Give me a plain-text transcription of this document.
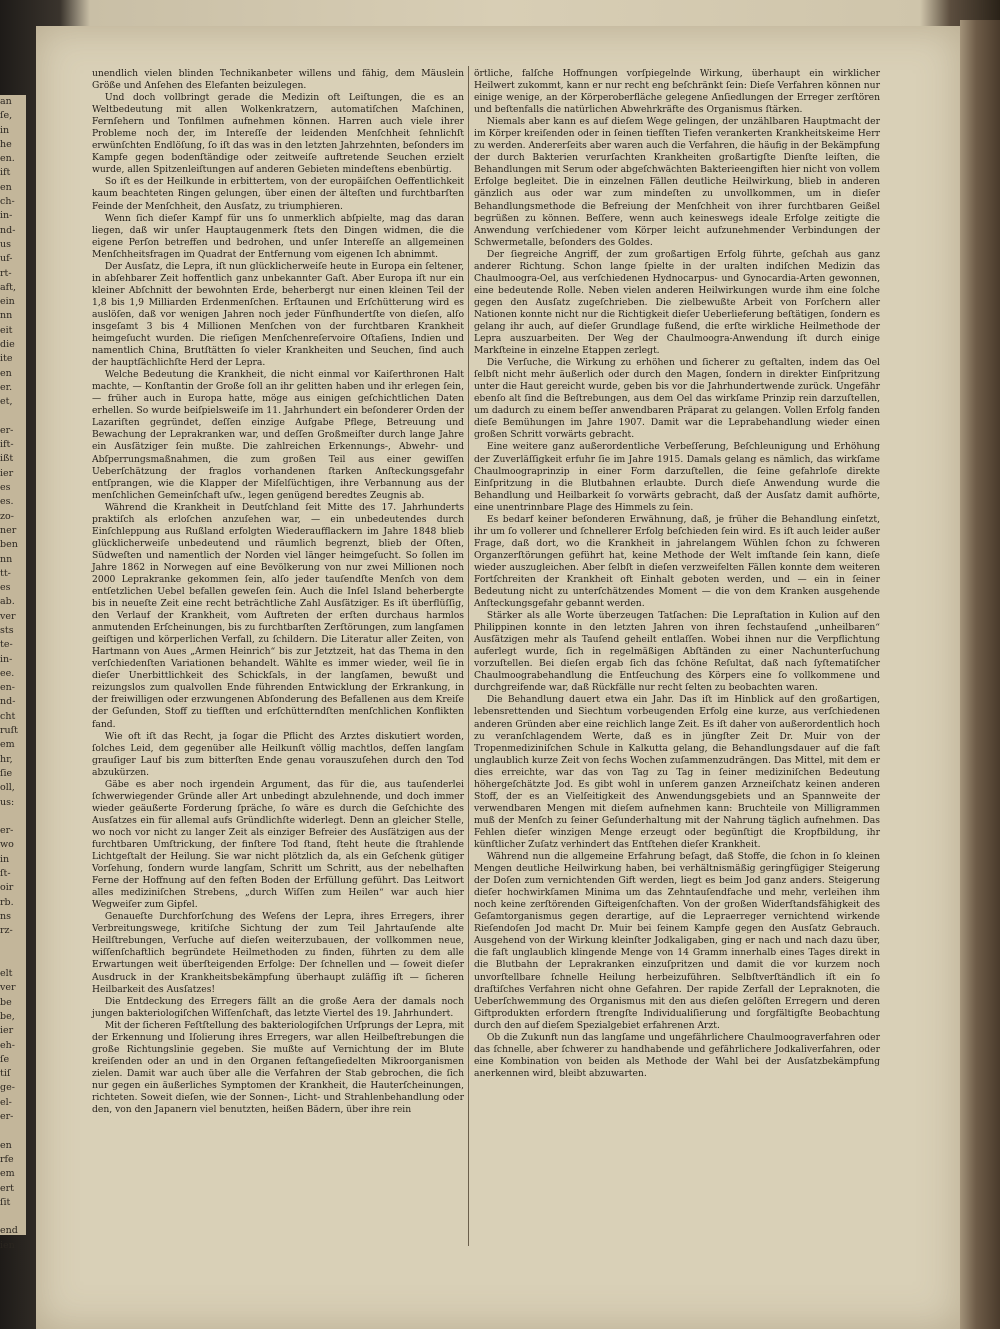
an
ſe,
in
he
en.
ift
en
ch-
in-
nd-
us
uf-
rt-
aft,
ein
nn
eit
die
ite
en
er.
et,

er-
ift-
ißt
ier
es
es.
zo-
ner
ben
nn
tt-
es
ab.
ver
sts
te-
in-
ee.
en-
nd-
cht
ruſt
em
hr,
ſie
oll,
us:

er-
wo
in
ſt-
oir
rb.
ns
rz-

elt
ver
be
be,
ier
eh-
ſe
tiſ
ge-
el-
er-

en
rfe
em
ert
ſit

end
ien

unendlich vielen blinden Technikanbeter willens und fähig, dem Mäuslein Größe und Anſehen des Elefanten beizulegen.

Und doch vollbringt gerade die Medizin oft Leiſtungen, die es an Weltbedeutung mit allen Wolkenkratzern, automatiſchen Maſchinen, Fernſehern und Tonfilmen aufnehmen können. Harren auch viele ihrer Probleme noch der, im Intereſſe der leidenden Menſchheit ſehnlichſt erwünſchten Endlöſung, ſo iſt das was in den letzten Jahrzehnten, beſonders im Kampfe gegen bodenſtändige oder zeitweiſe auftretende Seuchen erzielt wurde, allen Spitzenleiſtungen auf anderen Gebieten mindeſtens ebenbürtig.

So iſt es der Heilkunde in erbittertem, von der europäiſchen Oeffentlichkeit kaum beachteten Ringen gelungen, über einen der älteſten und furchtbarſten Feinde der Menſchheit, den Ausſatz, zu triumphieren.

Wenn ſich dieſer Kampf für uns ſo unmerklich abſpielte, mag das daran liegen, daß wir unſer Hauptaugenmerk ſtets den Dingen widmen, die die eigene Perſon betreffen und bedrohen, und unſer Intereſſe an allgemeinen Menſchheitsfragen im Quadrat der Entfernung vom eigenen Ich abnimmt.

Der Ausſatz, die Lepra, iſt nun glücklicherweiſe heute in Europa ein ſeltener, in abſehbarer Zeit hoffentlich ganz unbekannter Gaſt. Aber Europa iſt nur ein kleiner Abſchnitt der bewohnten Erde, beherbergt nur einen kleinen Teil der 1,8 bis 1,9 Milliarden Erdenmenſchen. Erſtaunen und Erſchütterung wird es auslöſen, daß vor wenigen Jahren noch jeder Fünfhundertſte von dieſen, alſo insgeſamt 3 bis 4 Millionen Menſchen von der furchtbaren Krankheit heimgeſucht wurden. Die rieſigen Menſchenreſervoire Oſtaſiens, Indien und namentlich China, Brutſtätten ſo vieler Krankheiten und Seuchen, ſind auch der hauptſächlichſte Herd der Lepra.

Welche Bedeutung die Krankheit, die nicht einmal vor Kaiſerthronen Halt machte, — Konſtantin der Große ſoll an ihr gelitten haben und ihr erlegen ſein, — früher auch in Europa hatte, möge aus einigen geſchichtlichen Daten erhellen. So wurde beiſpielsweiſe im 11. Jahrhundert ein beſonderer Orden der Lazariſten gegründet, deſſen einzige Aufgabe Pflege, Betreuung und Bewachung der Leprakranken war, und deſſen Großmeiſter durch lange Jahre ein Ausſätziger ſein mußte. Die zahlreichen Erkennungs-, Abwehr- und Abſperrungsmaßnahmen, die zum großen Teil aus einer gewiſſen Ueberſchätzung der fraglos vorhandenen ſtarken Anſteckungsgefahr entſprangen, wie die Klapper der Miſelſüchtigen, ihre Verbannung aus der menſchlichen Gemeinſchaft uſw., legen genügend beredtes Zeugnis ab.

Während die Krankheit in Deutſchland ſeit Mitte des 17. Jahrhunderts praktiſch als erloſchen anzuſehen war, — ein unbedeutendes durch Einſchleppung aus Rußland erfolgten Wiederaufflackern im Jahre 1848 blieb glücklicherweiſe unbedeutend und räumlich begrenzt, blieb der Oſten, Südweſten und namentlich der Norden viel länger heimgeſucht. So ſollen im Jahre 1862 in Norwegen auf eine Bevölkerung von nur zwei Millionen noch 2000 Leprakranke gekommen ſein, alſo jeder tauſendſte Menſch von dem entſetzlichen Uebel befallen geweſen ſein. Auch die Inſel Island beherbergte bis in neueſte Zeit eine recht beträchtliche Zahl Ausſätziger. Es iſt überflüſſig, den Verlauf der Krankheit, vom Auftreten der erſten durchaus harmlos anmutenden Erſcheinungen, bis zu furchtbarſten Zerſtörungen, zum langſamen geiſtigen und körperlichen Verfall, zu ſchildern. Die Literatur aller Zeiten, von Hartmann von Aues „Armen Heinrich“ bis zur Jetztzeit, hat das Thema in den verſchiedenſten Variationen behandelt. Wählte es immer wieder, weil ſie in dieſer Unerbittlichkeit des Schickſals, in der langſamen, bewußt und reizungslos zum qualvollen Ende führenden Entwicklung der Erkrankung, in der freiwilligen oder erzwungenen Abſonderung des Befallenen aus dem Kreiſe der Geſunden, Stoff zu tiefſten und erſchütterndſten menſchlichen Konflikten fand.

Wie oft iſt das Recht, ja ſogar die Pflicht des Arztes diskutiert worden, ſolches Leid, dem gegenüber alle Heilkunſt völlig machtlos, deſſen langſam grauſiger Lauf bis zum bitterſten Ende genau vorauszuſehen durch den Tod abzukürzen.

Gäbe es aber noch irgendein Argument, das für die, aus tauſenderlei ſchwerwiegender Gründe aller Art unbedingt abzulehnende, und doch immer wieder geäußerte Forderung ſpräche, ſo wäre es durch die Geſchichte des Ausſatzes ein für allemal aufs Gründlichſte widerlegt. Denn an gleicher Stelle, wo noch vor nicht zu langer Zeit als einziger Befreier des Ausſätzigen aus der furchtbaren Umſtrickung, der finſtere Tod ſtand, ſteht heute die ſtrahlende Lichtgeſtalt der Heilung. Sie war nicht plötzlich da, als ein Geſchenk gütiger Vorſehung, ſondern wurde langſam, Schritt um Schritt, aus der nebelhaften Ferne der Hoffnung auf den feſten Boden der Erfüllung geführt. Das Leitwort alles mediziniſchen Strebens, „durch Wiſſen zum Heilen“ war auch hier Wegweiſer zum Gipfel.

Genaueſte Durchforſchung des Weſens der Lepra, ihres Erregers, ihrer Verbreitungswege, kritiſche Sichtung der zum Teil Jahrtauſende alte Heilſtrebungen, Verſuche auf dieſen weiterzubauen, der vollkommen neue, wiſſenſchaftlich begründete Heilmethoden zu finden, führten zu dem alle Erwartungen weit überſteigenden Erfolge: Der ſchnellen und — ſoweit dieſer Ausdruck in der Krankheitsbekämpfung überhaupt zuläſſig iſt — ſicheren Heilbarkeit des Ausſatzes!

Die Entdeckung des Erregers fällt an die große Aera der damals noch jungen bakteriologiſchen Wiſſenſchaft, das letzte Viertel des 19. Jahrhundert.

Mit der ſicheren Feſtſtellung des bakteriologiſchen Urſprungs der Lepra, mit der Erkennung und Iſolierung ihres Erregers, war allen Heilbeſtrebungen die große Richtungslinie gegeben. Sie mußte auf Vernichtung der im Blute kreiſenden oder an und in den Organen feſtangeſiedelten Mikroorganismen zielen. Damit war auch über alle die Verfahren der Stab gebrochen, die ſich nur gegen ein äußerliches Symptomen der Krankheit, die Hauterſcheinungen, richteten. Soweit dieſen, wie der Sonnen-, Licht- und Strahlenbehandlung oder den, von den Japanern viel benutzten, heißen Bädern, über ihre rein

örtliche, falſche Hoffnungen vorſpiegelnde Wirkung, überhaupt ein wirklicher Heilwert zukommt, kann er nur recht eng beſchränkt ſein: Dieſe Verfahren können nur einige wenige, an der Körperoberfläche gelegene Anſiedlungen der Erreger zerſtören und beſtenfalls die natürlichen Abwehrkräfte des Organismus ſtärken.

Niemals aber kann es auf dieſem Wege gelingen, der unzählbaren Hauptmacht der im Körper kreiſenden oder in ſeinen tiefſten Tiefen verankerten Krankheitskeime Herr zu werden. Andererſeits aber waren auch die Verfahren, die häufig in der Bekämpfung der durch Bakterien verurſachten Krankheiten großartigſte Dienſte leiſten, die Behandlungen mit Serum oder abgeſchwächten Bakterieengiften hier nicht von vollem Erfolge begleitet. Die in einzelnen Fällen deutliche Heilwirkung, blieb in anderen gänzlich aus oder war zum mindeſten zu unvollkommen, um in dieſer Behandlungsmethode die Befreiung der Menſchheit von ihrer furchtbaren Geißel begrüßen zu können. Beſſere, wenn auch keineswegs ideale Erfolge zeitigte die Anwendung verſchiedener vom Körper leicht aufzunehmender Verbindungen der Schwermetalle, beſonders des Goldes.

Der ſiegreiche Angriff, der zum großartigen Erfolg führte, geſchah aus ganz anderer Richtung. Schon lange ſpielte in der uralten indiſchen Medizin das Chaulmoogra-Oel, aus verſchiedenen Hydnocarpus- und Gynocardia-Arten gewonnen, eine bedeutende Rolle. Neben vielen anderen Heilwirkungen wurde ihm eine ſolche gegen den Ausſatz zugeſchrieben. Die zielbewußte Arbeit von Forſchern aller Nationen konnte nicht nur die Richtigkeit dieſer Ueberlieferung beſtätigen, ſondern es gelang ihr auch, auf dieſer Grundlage fußend, die erſte wirkliche Heilmethode der Lepra auszuarbeiten. Der Weg der Chaulmoogra-Anwendung iſt durch einige Markſteine in einzelne Etappen zerlegt.

Die Verſuche, die Wirkung zu erhöhen und ſicherer zu geſtalten, indem das Oel ſelbſt nicht mehr äußerlich oder durch den Magen, ſondern in direkter Einſpritzung unter die Haut gereicht wurde, geben bis vor die Jahrhundertwende zurück. Ungefähr ebenſo alt ſind die Beſtrebungen, aus dem Oel das wirkſame Prinzip rein darzuſtellen, um dadurch zu einem beſſer anwendbaren Präparat zu gelangen. Vollen Erfolg fanden dieſe Bemühungen im Jahre 1907. Damit war die Leprabehandlung wieder einen großen Schritt vorwärts gebracht.

Eine weitere ganz außerordentliche Verbeſſerung, Beſchleunigung und Erhöhung der Zuverläſſigkeit erfuhr ſie im Jahre 1915. Damals gelang es nämlich, das wirkſame Chaulmoograprinzip in einer Form darzuſtellen, die ſeine gefahrloſe direkte Einſpritzung in die Blutbahnen erlaubte. Durch dieſe Anwendung wurde die Behandlung und Heilbarkeit ſo vorwärts gebracht, daß der Ausſatz damit aufhörte, eine unentrinnbare Plage des Himmels zu ſein.

Es bedarf keiner beſonderen Erwähnung, daß, je früher die Behandlung einſetzt, ihr um ſo vollerer und ſchnellerer Erfolg beſchieden ſein wird. Es iſt auch leider außer Frage, daß dort, wo die Krankheit in jahrelangem Wühlen ſchon zu ſchweren Organzerſtörungen geführt hat, keine Methode der Welt imſtande ſein kann, dieſe wieder auszugleichen. Aber ſelbſt in dieſen verzweifelten Fällen konnte dem weiteren Fortſchreiten der Krankheit oft Einhalt geboten werden, und — ein in ſeiner Bedeutung nicht zu unterſchätzendes Moment — die von dem Kranken ausgehende Anſteckungsgefahr gebannt werden.

Stärker als alle Worte überzeugen Tatſachen: Die Lepraſtation in Kulion auf den Philippinen konnte in den letzten Jahren von ihren ſechstauſend „unheilbaren“ Ausſätzigen mehr als Tauſend geheilt entlaſſen. Wobei ihnen nur die Verpflichtung auferlegt wurde, ſich in regelmäßigen Abſtänden zu einer Nachunterſuchung vorzuſtellen. Bei dieſen ergab ſich das ſchöne Reſultat, daß nach ſyſtematiſcher Chaulmoograbehandlung die Entſeuchung des Körpers eine ſo vollkommene und durchgreifende war, daß Rückfälle nur recht ſelten zu beobachten waren.

Die Behandlung dauert etwa ein Jahr. Das iſt im Hinblick auf den großartigen, lebensrettenden und Siechtum vorbeugenden Erfolg eine kurze, aus verſchiedenen anderen Gründen aber eine reichlich lange Zeit. Es iſt daher von außerordentlich hoch zu veranſchlagendem Werte, daß es in jüngſter Zeit Dr. Muir von der Tropenmediziniſchen Schule in Kalkutta gelang, die Behandlungsdauer auf die faſt unglaublich kurze Zeit von ſechs Wochen zuſammenzudrängen. Das Mittel, mit dem er dies erreichte, war das von Tag zu Tag in ſeiner mediziniſchen Bedeutung höhergeſchätzte Jod. Es gibt wohl in unſerem ganzen Arzneiſchatz keinen anderen Stoff, der es an Vielſeitigkeit des Anwendungsgebiets und an Spannweite der verwendbaren Mengen mit dieſem aufnehmen kann: Bruchteile von Milligrammen muß der Menſch zu ſeiner Geſunderhaltung mit der Nahrung täglich aufnehmen. Das Fehlen dieſer winzigen Menge erzeugt oder begünſtigt die Kropfbildung, ihr künſtlicher Zuſatz verhindert das Entſtehen dieſer Krankheit.

Während nun die allgemeine Erfahrung beſagt, daß Stoffe, die ſchon in ſo kleinen Mengen deutliche Heilwirkung haben, bei verhältnismäßig geringfügiger Steigerung der Doſen zum vernichtenden Gift werden, liegt es beim Jod ganz anders. Steigerung dieſer hochwirkſamen Minima um das Zehntauſendfache und mehr, verleihen ihm noch keine zerſtörenden Gifteigenſchaften. Von der großen Widerſtandsfähigkeit des Geſamtorganismus gegen derartige, auf die Lepraerreger vernichtend wirkende Rieſendoſen Jod macht Dr. Muir bei ſeinem Kampfe gegen den Ausſatz Gebrauch. Ausgehend von der Wirkung kleinſter Jodkaligaben, ging er nach und nach dazu über, die faſt unglaublich klingende Menge von 14 Gramm innerhalb eines Tages direkt in die Blutbahn der Leprakranken einzuſpritzen und damit die vor kurzem noch unvorſtellbare ſchnelle Heilung herbeizuführen. Selbſtverſtändlich iſt ein ſo draſtiſches Verfahren nicht ohne Gefahren. Der rapide Zerfall der Lepraknoten, die Ueberſchwemmung des Organismus mit den aus dieſen gelöſten Erregern und deren Giftprodukten erfordern ſtrengſte Individualiſierung und ſorgfältigſte Beobachtung durch den auf dieſem Spezialgebiet erfahrenen Arzt.

Ob die Zukunft nun das langſame und ungefährlichere Chaulmoograverfahren oder das ſchnelle, aber ſchwerer zu handhabende und gefährlichere Jodkaliverfahren, oder eine Kombination von beiden als Methode der Wahl bei der Ausſatzbekämpfung anerkennen wird, bleibt abzuwarten.
